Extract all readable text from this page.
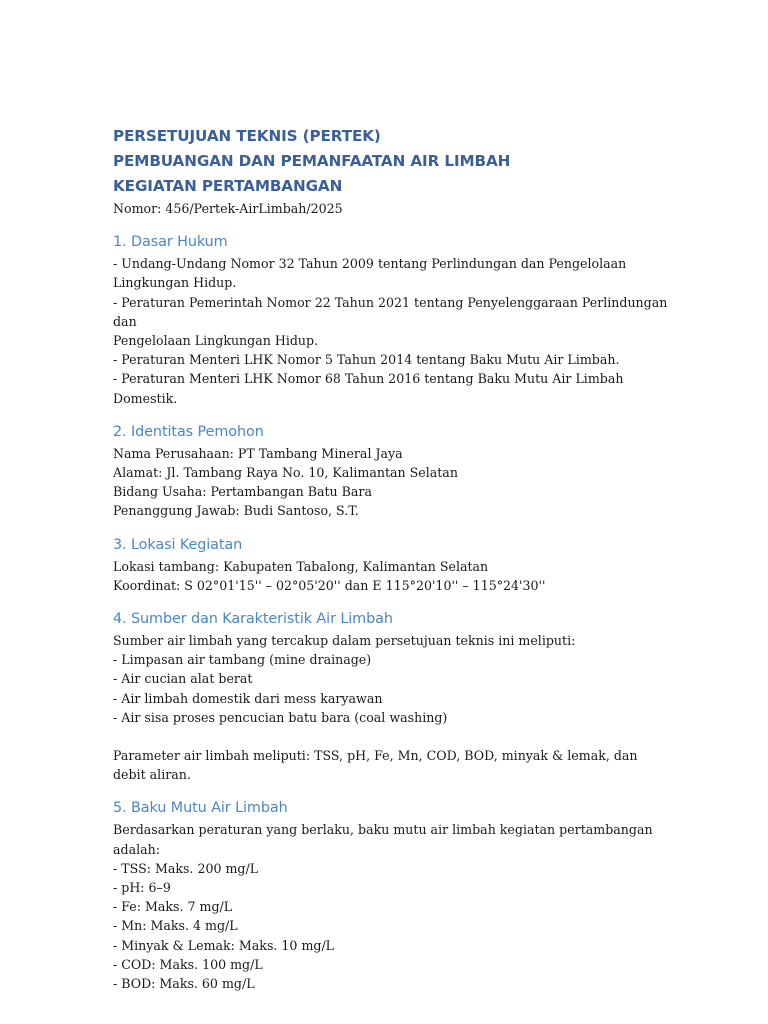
PERSETUJUAN TEKNIS (PERTEK)
PEMBUANGAN DAN PEMANFAATAN AIR LIMBAH
KEGIATAN PERTAMBANGAN
Nomor: 456/Pertek-AirLimbah/2025
1. Dasar Hukum
- Undang-Undang Nomor 32 Tahun 2009 tentang Perlindungan dan Pengelolaan
Lingkungan Hidup.
- Peraturan Pemerintah Nomor 22 Tahun 2021 tentang Penyelenggaraan Perlindungan dan
Pengelolaan Lingkungan Hidup.
- Peraturan Menteri LHK Nomor 5 Tahun 2014 tentang Baku Mutu Air Limbah.
- Peraturan Menteri LHK Nomor 68 Tahun 2016 tentang Baku Mutu Air Limbah Domestik.
2. Identitas Pemohon
Nama Perusahaan: PT Tambang Mineral Jaya
Alamat: Jl. Tambang Raya No. 10, Kalimantan Selatan
Bidang Usaha: Pertambangan Batu Bara
Penanggung Jawab: Budi Santoso, S.T.
3. Lokasi Kegiatan
Lokasi tambang: Kabupaten Tabalong, Kalimantan Selatan
Koordinat: S 02°01'15'' – 02°05'20'' dan E 115°20'10'' – 115°24'30''
4. Sumber dan Karakteristik Air Limbah
Sumber air limbah yang tercakup dalam persetujuan teknis ini meliputi:
- Limpasan air tambang (mine drainage)
- Air cucian alat berat
- Air limbah domestik dari mess karyawan
- Air sisa proses pencucian batu bara (coal washing)
Parameter air limbah meliputi: TSS, pH, Fe, Mn, COD, BOD, minyak & lemak, dan debit aliran.
5. Baku Mutu Air Limbah
Berdasarkan peraturan yang berlaku, baku mutu air limbah kegiatan pertambangan adalah:
- TSS: Maks. 200 mg/L
- pH: 6–9
- Fe: Maks. 7 mg/L
- Mn: Maks. 4 mg/L
- Minyak & Lemak: Maks. 10 mg/L
- COD: Maks. 100 mg/L
- BOD: Maks. 60 mg/L
